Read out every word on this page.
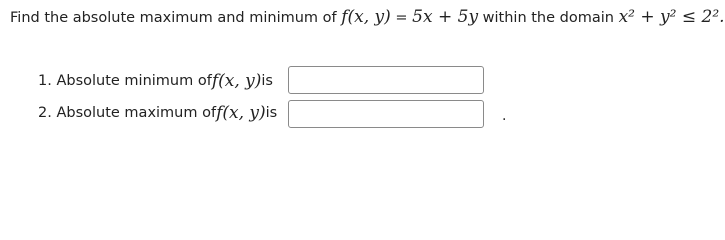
Find the absolute maximum and minimum of f(x, y) = 5x + 5y within the domain x² + y² ≤ 2².
1.
Absolute minimum of f(x, y) is
2.
Absolute maximum of f(x, y) is	.
